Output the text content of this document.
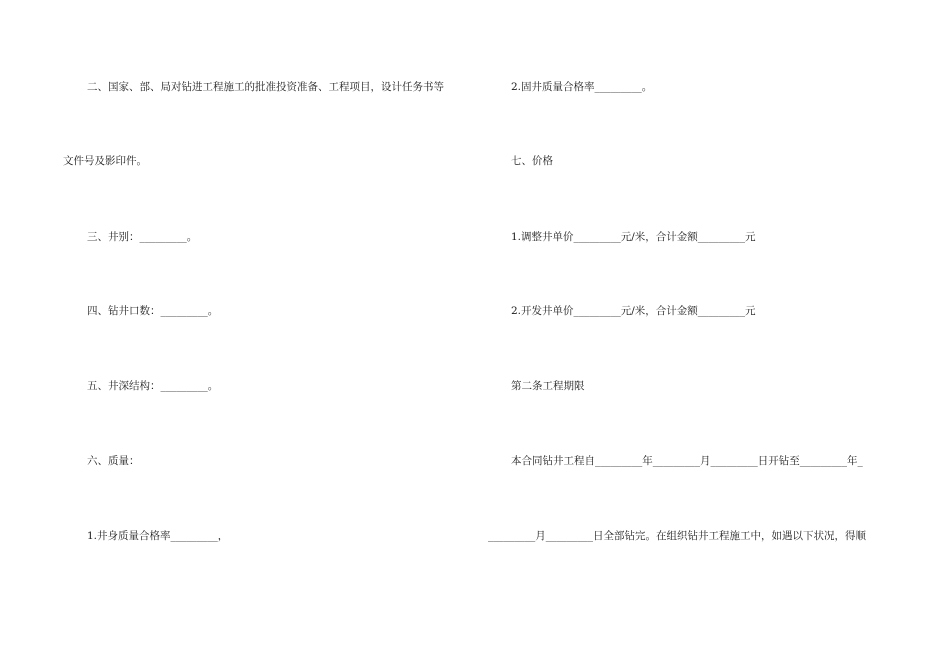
二、国家、部、局对钻进工程施工的批准投资准备、工程项目，设计任务书等
文件号及影印件。
三、井别：_________。
四、钻井口数：_________。
五、井深结构：_________。
六、质量：
1.井身质量合格率_________，
2.固井质量合格率_________。
七、价格
1.调整井单价_________元/米，合计金额_________元
2.开发井单价_________元/米，合计金额_________元
第二条工程期限
本合同钻井工程自_________年_________月_________日开钻至_________年_
_________月_________日全部钻完。在组织钻井工程施工中，如遇以下状况，得顺
